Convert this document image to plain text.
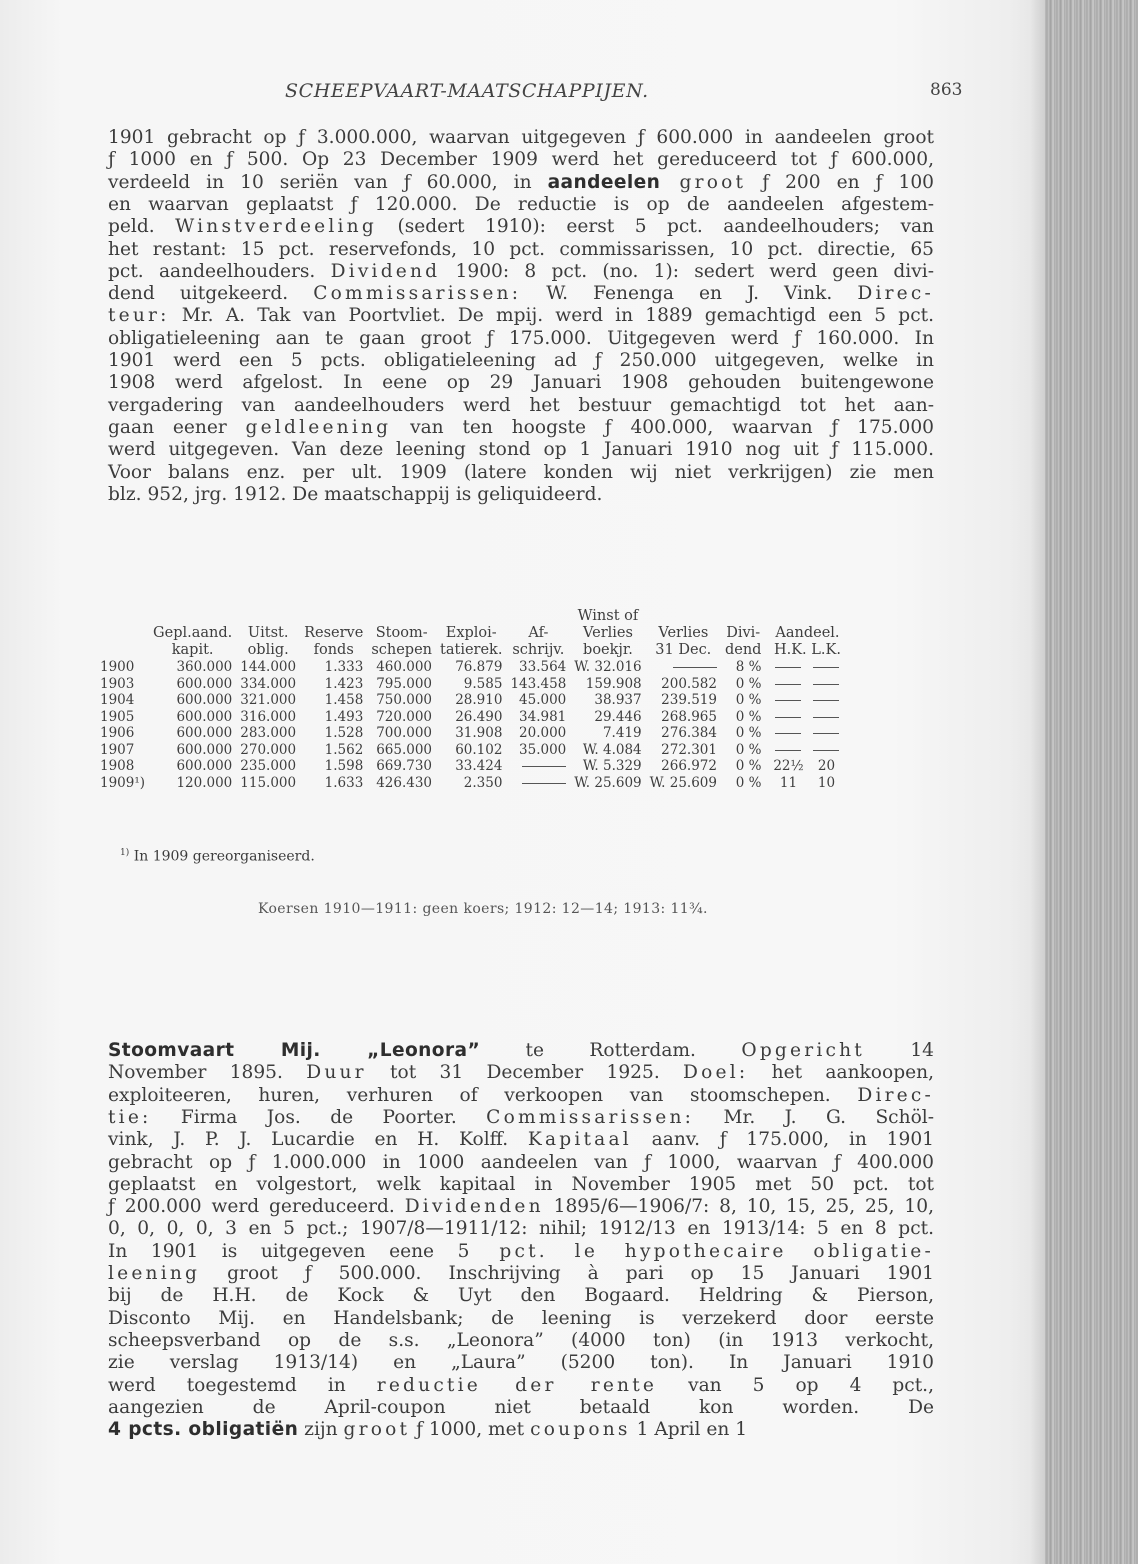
SCHEEPVAART-MAATSCHAPPIJEN.	863
1901 gebracht op ƒ 3.000.000, waarvan uitgegeven ƒ 600.000 in aandeelen groot
ƒ 1000 en ƒ 500. Op 23 December 1909 werd het gereduceerd tot ƒ 600.000,
verdeeld in 10 seriën van ƒ 60.000, in aandeelen groot ƒ 200 en ƒ 100
en waarvan geplaatst ƒ 120.000. De reductie is op de aandeelen afgestem-
peld. Winstverdeeling (sedert 1910): eerst 5 pct. aandeelhouders; van
het restant: 15 pct. reservefonds, 10 pct. commissarissen, 10 pct. directie, 65
pct. aandeelhouders. Dividend 1900: 8 pct. (no. 1): sedert werd geen divi-
dend uitgekeerd. Commissarissen: W. Fenenga en J. Vink. Direc-
teur: Mr. A. Tak van Poortvliet. De mpij. werd in 1889 gemachtigd een 5 pct.
obligatieleening aan te gaan groot ƒ 175.000. Uitgegeven werd ƒ 160.000. In
1901 werd een 5 pcts. obligatieleening ad ƒ 250.000 uitgegeven, welke in
1908 werd afgelost. In eene op 29 Januari 1908 gehouden buitengewone
vergadering van aandeelhouders werd het bestuur gemachtigd tot het aan-
gaan eener geldleening van ten hoogste ƒ 400.000, waarvan ƒ 175.000
werd uitgegeven. Van deze leening stond op 1 Januari 1910 nog uit ƒ 115.000.
Voor balans enz. per ult. 1909 (latere konden wij niet verkrijgen) zie men
blz. 952, jrg. 1912. De maatschappij is geliquideerd.
							Winst of			
	Gepl.aand.	Uitst.	Reserve	Stoom-	Exploi-	Af-	Verlies	Verlies	Divi-	Aandeel.
	kapit.	oblig.	fonds	schepen	tatierek.	schrijv.	boekjr.	31 Dec.	dend	H.K. L.K.
1900	360.000	144.000	1.333	460.000	76.879	33.564	W. 32.016		8 %	
1903	600.000	334.000	1.423	795.000	9.585	143.458	159.908	200.582	0 %	
1904	600.000	321.000	1.458	750.000	28.910	45.000	38.937	239.519	0 %	
1905	600.000	316.000	1.493	720.000	26.490	34.981	29.446	268.965	0 %	
1906	600.000	283.000	1.528	700.000	31.908	20.000	7.419	276.384	0 %	
1907	600.000	270.000	1.562	665.000	60.102	35.000	W. 4.084	272.301	0 %	
1908	600.000	235.000	1.598	669.730	33.424		W. 5.329	266.972	0 %	22½ 20
1909¹)	120.000	115.000	1.633	426.430	2.350		W. 25.609	W. 25.609	0 %	11 10
$^{1)}$ In 1909 gereorganiseerd.
Koersen 1910—1911: geen koers; 1912: 12—14; 1913: 11¾.
Stoomvaart Mij. „Leonora” te Rotterdam. Opgericht 14
November 1895. Duur tot 31 December 1925. Doel: het aankoopen,
exploiteeren, huren, verhuren of verkoopen van stoomschepen. Direc-
tie: Firma Jos. de Poorter. Commissarissen: Mr. J. G. Schöl-
vink, J. P. J. Lucardie en H. Kolff. Kapitaal aanv. ƒ 175.000, in 1901
gebracht op ƒ 1.000.000 in 1000 aandeelen van ƒ 1000, waarvan ƒ 400.000
geplaatst en volgestort, welk kapitaal in November 1905 met 50 pct. tot
ƒ 200.000 werd gereduceerd. Dividenden 1895/6—1906/7: 8, 10, 15, 25, 25, 10,
0, 0, 0, 0, 3 en 5 pct.; 1907/8—1911/12: nihil; 1912/13 en 1913/14: 5 en 8 pct.
In 1901 is uitgegeven eene 5 pct. le hypothecaire obligatie-
leening groot ƒ 500.000. Inschrijving à pari op 15 Januari 1901
bij de H.H. de Kock & Uyt den Bogaard. Heldring & Pierson,
Disconto Mij. en Handelsbank; de leening is verzekerd door eerste
scheepsverband op de s.s. „Leonora” (4000 ton) (in 1913 verkocht,
zie verslag 1913/14) en „Laura” (5200 ton). In Januari 1910
werd toegestemd in reductie der rente van 5 op 4 pct.,
aangezien de April-coupon niet betaald kon worden. De
4 pcts. obligatiën zijn groot ƒ 1000, met coupons 1 April en 1
